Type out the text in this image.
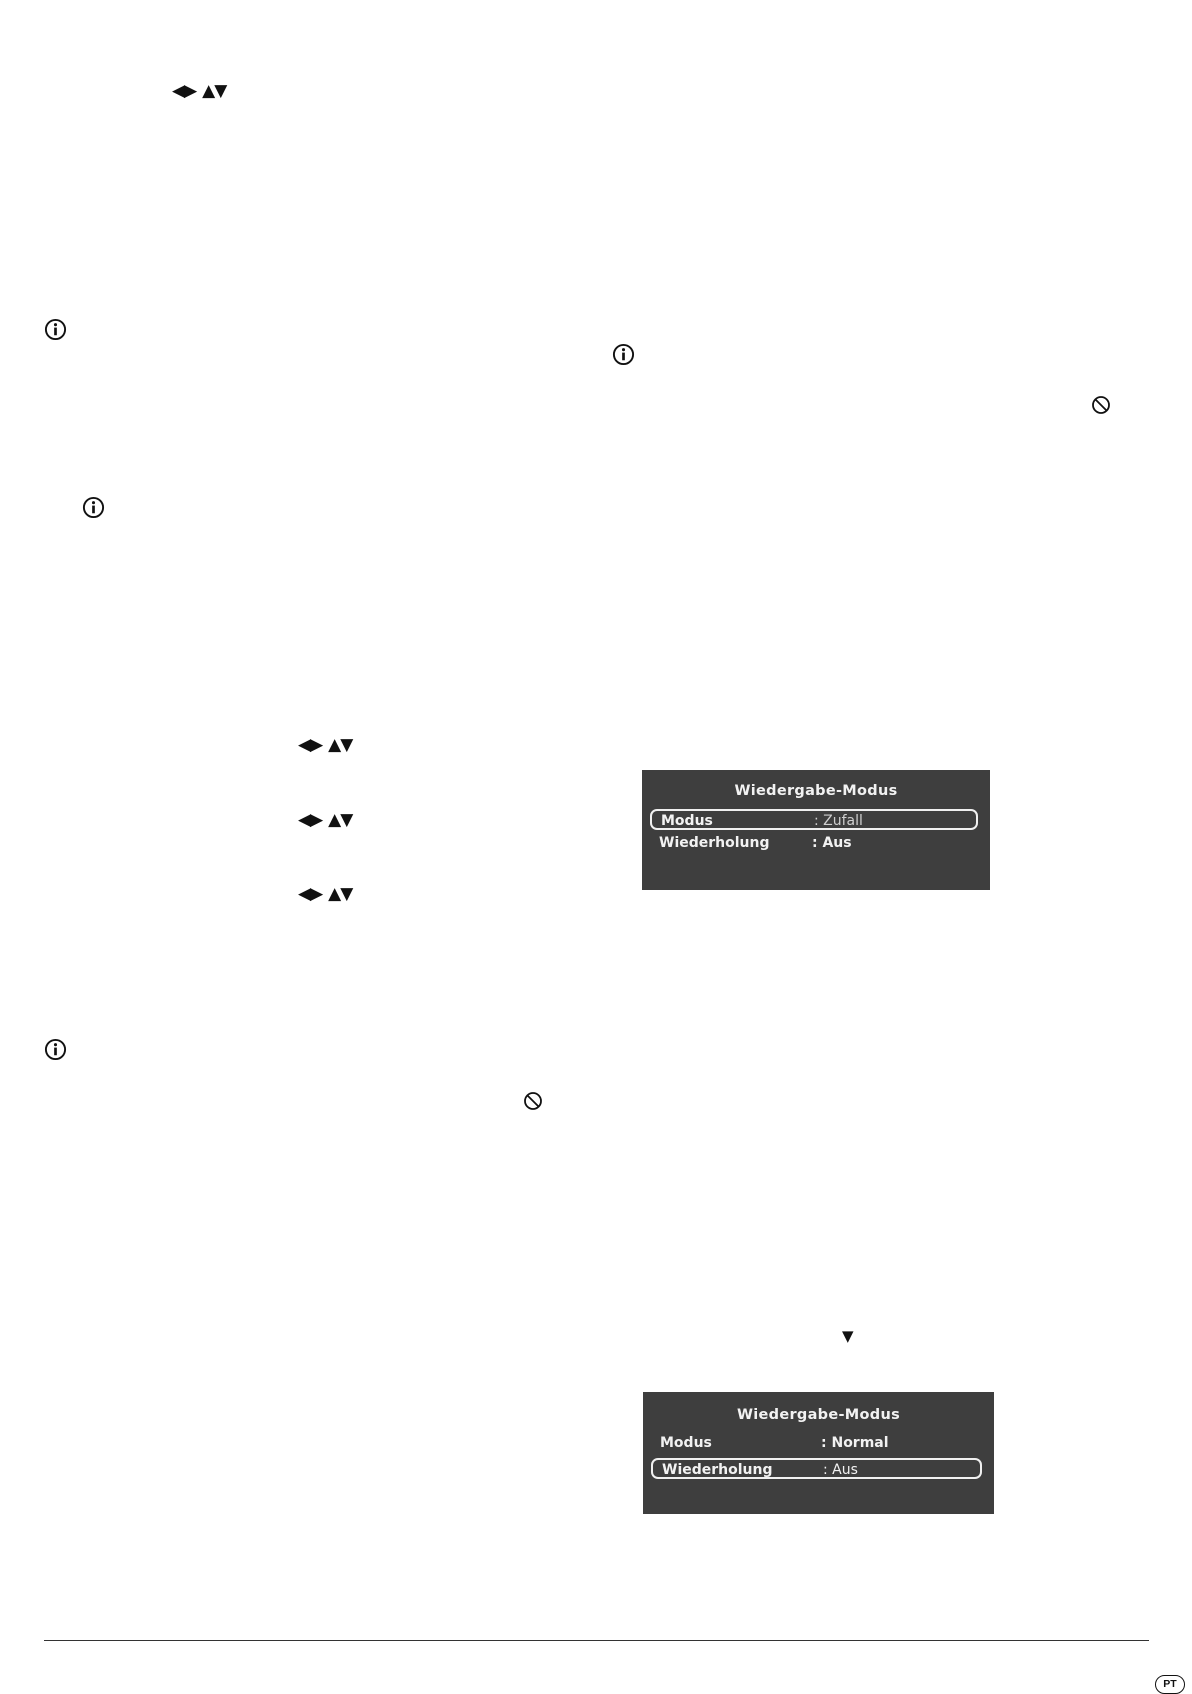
◀▶ ▲▼
◀▶ ▲▼
◀▶ ▲▼
◀▶ ▲▼
▼
Wiedergabe-Modus
Modus	: Zufall
Wiederholung	: Aus
Wiedergabe-Modus
Modus	: Normal
Wiederholung	: Aus
PT
